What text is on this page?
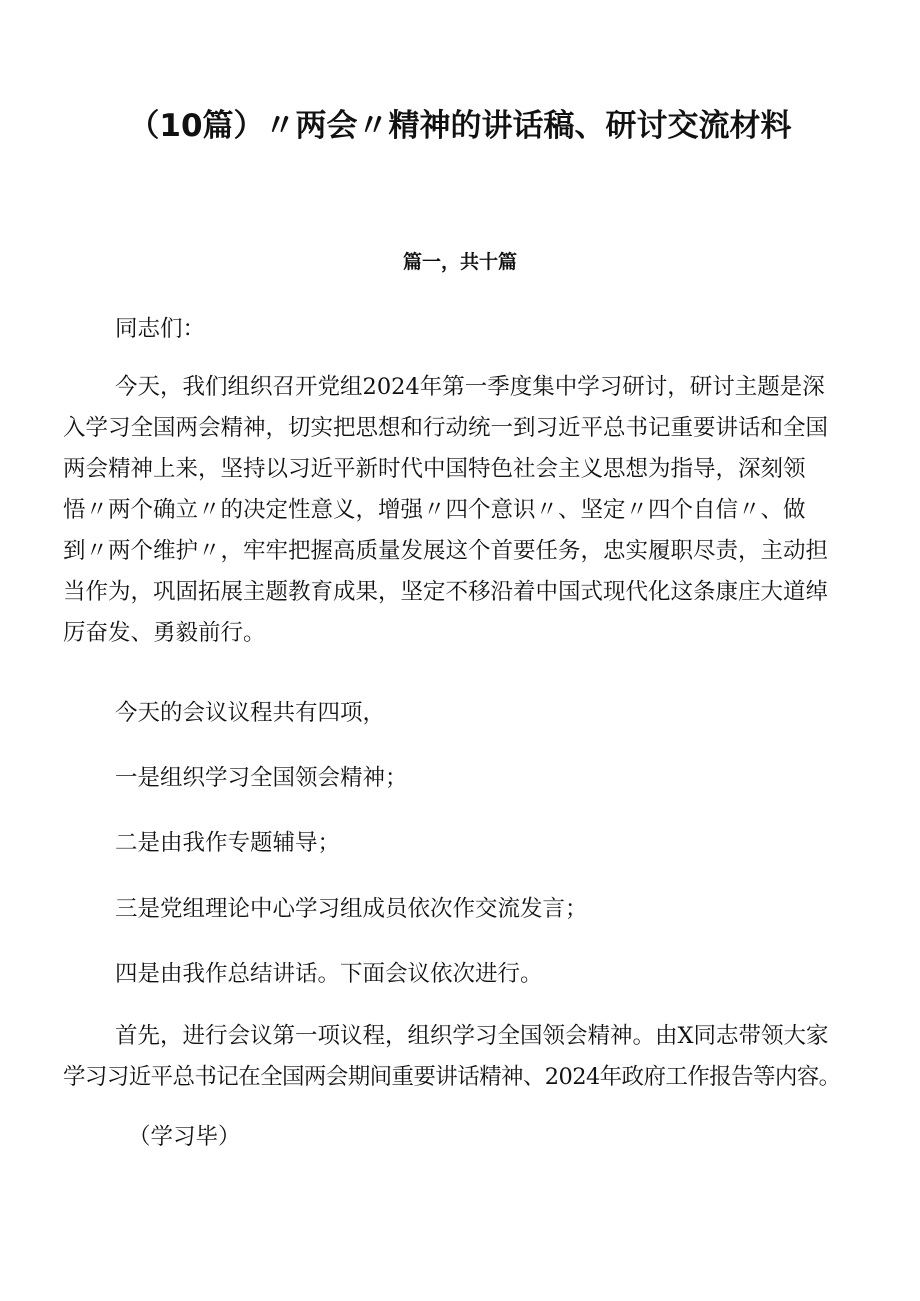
（10篇）〃两会〃精神的讲话稿、研讨交流材料
篇一，共十篇
同志们：
今天，我们组织召开党组2024年第一季度集中学习研讨，研讨主题是深
入学习全国两会精神，切实把思想和行动统一到习近平总书记重要讲话和全国
两会精神上来，坚持以习近平新时代中国特色社会主义思想为指导，深刻领
悟〃两个确立〃的决定性意义，增强〃四个意识〃、坚定〃四个自信〃、做
到〃两个维护〃，牢牢把握高质量发展这个首要任务，忠实履职尽责，主动担
当作为，巩固拓展主题教育成果，坚定不移沿着中国式现代化这条康庄大道绰
厉奋发、勇毅前行。
今天的会议议程共有四项，
一是组织学习全国领会精神；
二是由我作专题辅导；
三是党组理论中心学习组成员依次作交流发言；
四是由我作总结讲话。下面会议依次进行。
首先，进行会议第一项议程，组织学习全国领会精神。由X同志带领大家
学习习近平总书记在全国两会期间重要讲话精神、2024年政府工作报告等内容。
（学习毕）
